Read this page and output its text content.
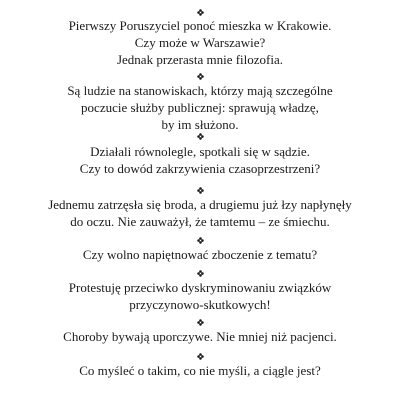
Pierwszy Poruszyciel ponoć mieszka w Krakowie.
Czy może w Warszawie?
Jednak przerasta mnie filozofia.

Są ludzie na stanowiskach, którzy mają szczególne
poczucie służby publicznej: sprawują władzę,
by im służono.

Działali równolegle, spotkali się w sądzie.
Czy to dowód zakrzywienia czasoprzestrzeni?

Jednemu zatrzęsła się broda, a drugiemu już łzy napłynęły
do oczu. Nie zauważył, że tamtemu – ze śmiechu.

Czy wolno napiętnować zboczenie z tematu?

Protestuję przeciwko dyskryminowaniu związków
przyczynowo-skutkowych!

Choroby bywają uporczywe. Nie mniej niż pacjenci.

Co myśleć o takim, co nie myśli, a ciągle jest?
